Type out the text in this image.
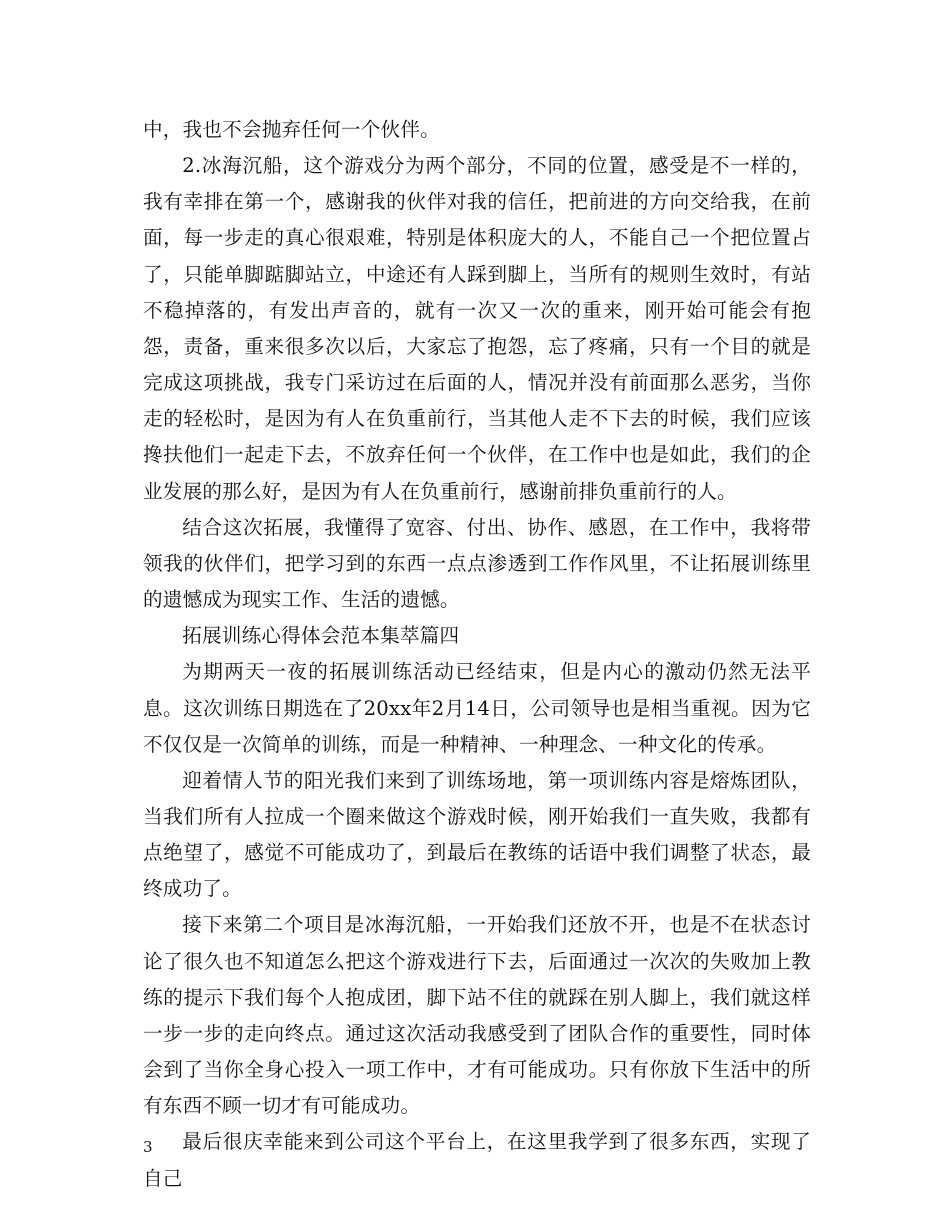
中，我也不会抛弃任何一个伙伴。

2.冰海沉船，这个游戏分为两个部分，不同的位置，感受是不一样的，我有幸排在第一个，感谢我的伙伴对我的信任，把前进的方向交给我，在前面，每一步走的真心很艰难，特别是体积庞大的人，不能自己一个把位置占了，只能单脚踮脚站立，中途还有人踩到脚上，当所有的规则生效时，有站不稳掉落的，有发出声音的，就有一次又一次的重来，刚开始可能会有抱怨，责备，重来很多次以后，大家忘了抱怨，忘了疼痛，只有一个目的就是完成这项挑战，我专门采访过在后面的人，情况并没有前面那么恶劣，当你走的轻松时，是因为有人在负重前行，当其他人走不下去的时候，我们应该搀扶他们一起走下去，不放弃任何一个伙伴，在工作中也是如此，我们的企业发展的那么好，是因为有人在负重前行，感谢前排负重前行的人。

结合这次拓展，我懂得了宽容、付出、协作、感恩，在工作中，我将带领我的伙伴们，把学习到的东西一点点渗透到工作作风里，不让拓展训练里的遗憾成为现实工作、生活的遗憾。

拓展训练心得体会范本集萃篇四

为期两天一夜的拓展训练活动已经结束，但是内心的激动仍然无法平息。这次训练日期选在了20xx年2月14日，公司领导也是相当重视。因为它不仅仅是一次简单的训练，而是一种精神、一种理念、一种文化的传承。

迎着情人节的阳光我们来到了训练场地，第一项训练内容是熔炼团队，当我们所有人拉成一个圈来做这个游戏时候，刚开始我们一直失败，我都有点绝望了，感觉不可能成功了，到最后在教练的话语中我们调整了状态，最终成功了。

接下来第二个项目是冰海沉船，一开始我们还放不开，也是不在状态讨论了很久也不知道怎么把这个游戏进行下去，后面通过一次次的失败加上教练的提示下我们每个人抱成团，脚下站不住的就踩在别人脚上，我们就这样一步一步的走向终点。通过这次活动我感受到了团队合作的重要性，同时体会到了当你全身心投入一项工作中，才有可能成功。只有你放下生活中的所有东西不顾一切才有可能成功。

最后很庆幸能来到公司这个平台上，在这里我学到了很多东西，实现了自己

3
